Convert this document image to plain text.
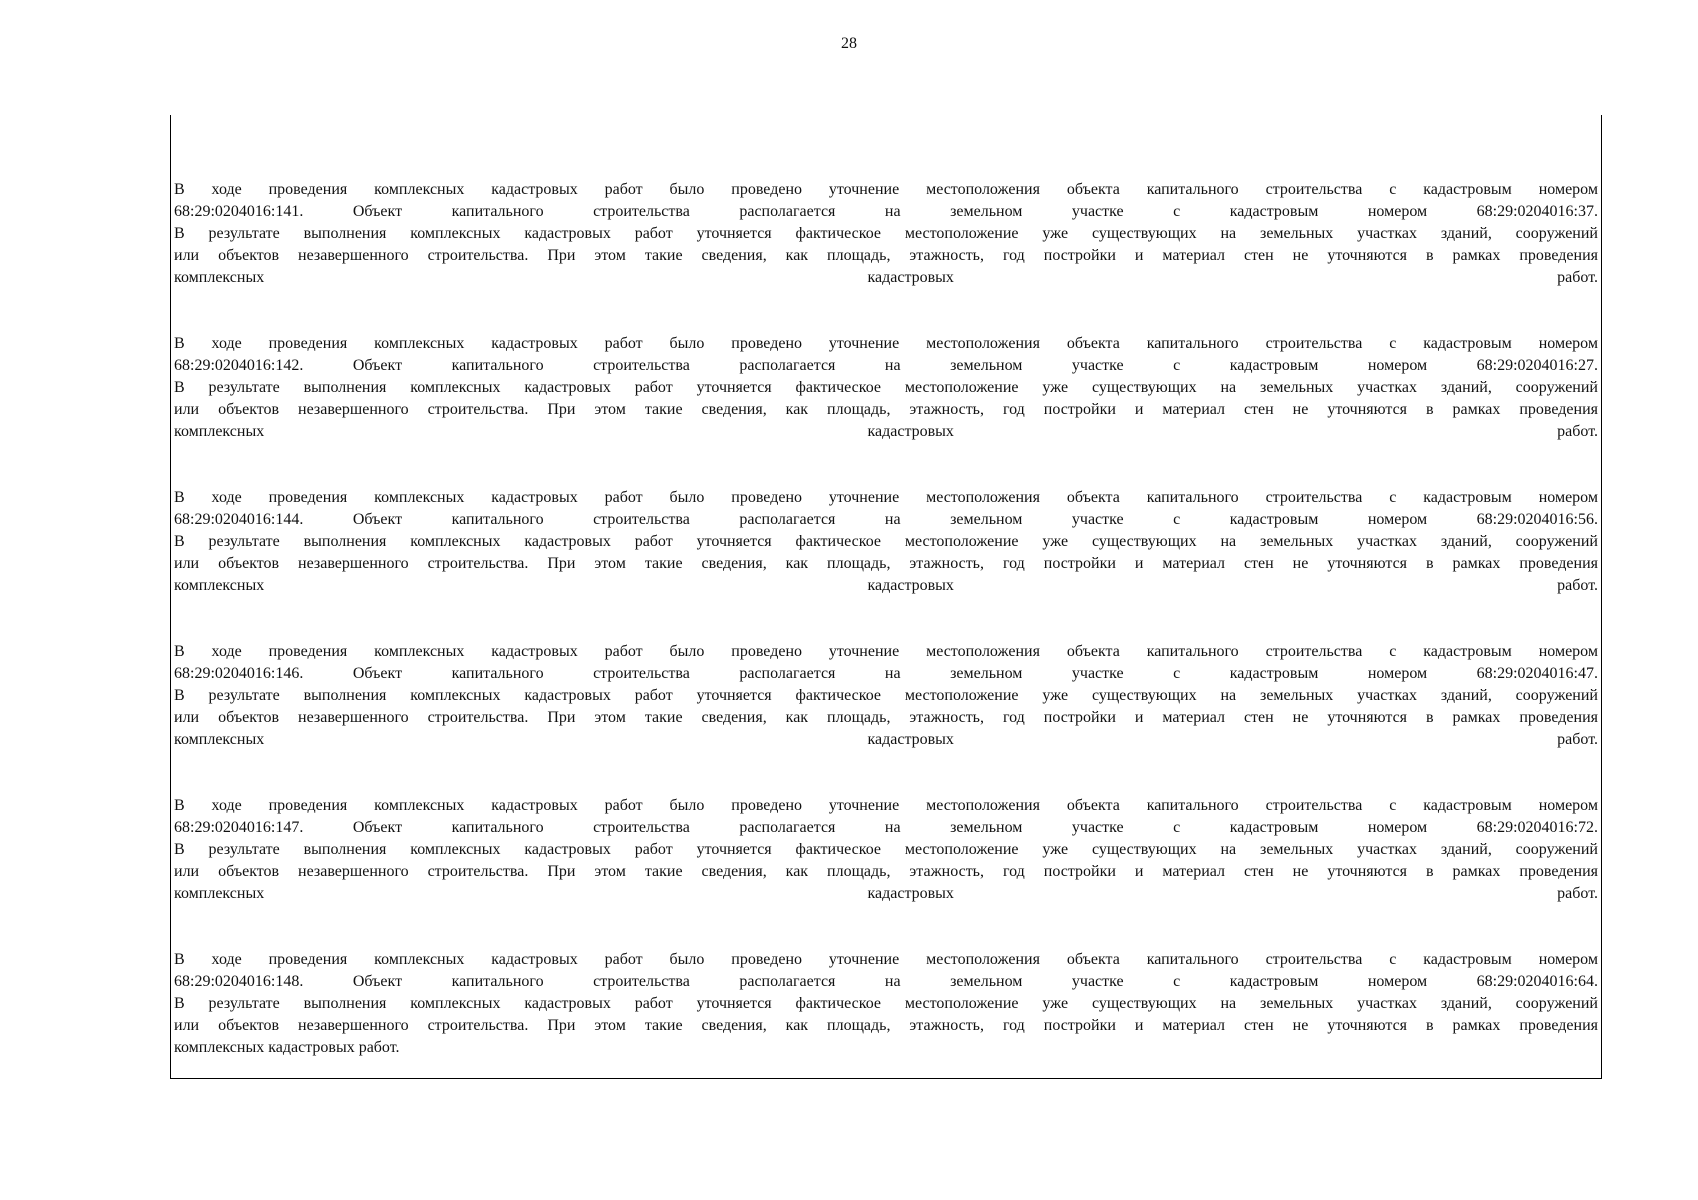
28
В ходе проведения комплексных кадастровых работ было проведено уточнение местоположения объекта капитального строительства с кадастровым номером
68:29:0204016:141. Объект капитального строительства располагается на земельном участке с кадастровым номером 68:29:0204016:37.
В результате выполнения комплексных кадастровых работ уточняется фактическое местоположение уже существующих на земельных участках зданий, сооружений
или объектов незавершенного строительства. При этом такие сведения, как площадь, этажность, год постройки и материал стен не уточняются в рамках проведения
комплексных кадастровых работ.
В ходе проведения комплексных кадастровых работ было проведено уточнение местоположения объекта капитального строительства с кадастровым номером
68:29:0204016:142. Объект капитального строительства располагается на земельном участке с кадастровым номером 68:29:0204016:27.
В результате выполнения комплексных кадастровых работ уточняется фактическое местоположение уже существующих на земельных участках зданий, сооружений
или объектов незавершенного строительства. При этом такие сведения, как площадь, этажность, год постройки и материал стен не уточняются в рамках проведения
комплексных кадастровых работ.
В ходе проведения комплексных кадастровых работ было проведено уточнение местоположения объекта капитального строительства с кадастровым номером
68:29:0204016:144. Объект капитального строительства располагается на земельном участке с кадастровым номером 68:29:0204016:56.
В результате выполнения комплексных кадастровых работ уточняется фактическое местоположение уже существующих на земельных участках зданий, сооружений
или объектов незавершенного строительства. При этом такие сведения, как площадь, этажность, год постройки и материал стен не уточняются в рамках проведения
комплексных кадастровых работ.
В ходе проведения комплексных кадастровых работ было проведено уточнение местоположения объекта капитального строительства с кадастровым номером
68:29:0204016:146. Объект капитального строительства располагается на земельном участке с кадастровым номером 68:29:0204016:47.
В результате выполнения комплексных кадастровых работ уточняется фактическое местоположение уже существующих на земельных участках зданий, сооружений
или объектов незавершенного строительства. При этом такие сведения, как площадь, этажность, год постройки и материал стен не уточняются в рамках проведения
комплексных кадастровых работ.
В ходе проведения комплексных кадастровых работ было проведено уточнение местоположения объекта капитального строительства с кадастровым номером
68:29:0204016:147. Объект капитального строительства располагается на земельном участке с кадастровым номером 68:29:0204016:72.
В результате выполнения комплексных кадастровых работ уточняется фактическое местоположение уже существующих на земельных участках зданий, сооружений
или объектов незавершенного строительства. При этом такие сведения, как площадь, этажность, год постройки и материал стен не уточняются в рамках проведения
комплексных кадастровых работ.
В ходе проведения комплексных кадастровых работ было проведено уточнение местоположения объекта капитального строительства с кадастровым номером
68:29:0204016:148. Объект капитального строительства располагается на земельном участке с кадастровым номером 68:29:0204016:64.
В результате выполнения комплексных кадастровых работ уточняется фактическое местоположение уже существующих на земельных участках зданий, сооружений
или объектов незавершенного строительства. При этом такие сведения, как площадь, этажность, год постройки и материал стен не уточняются в рамках проведения
комплексных кадастровых работ.
